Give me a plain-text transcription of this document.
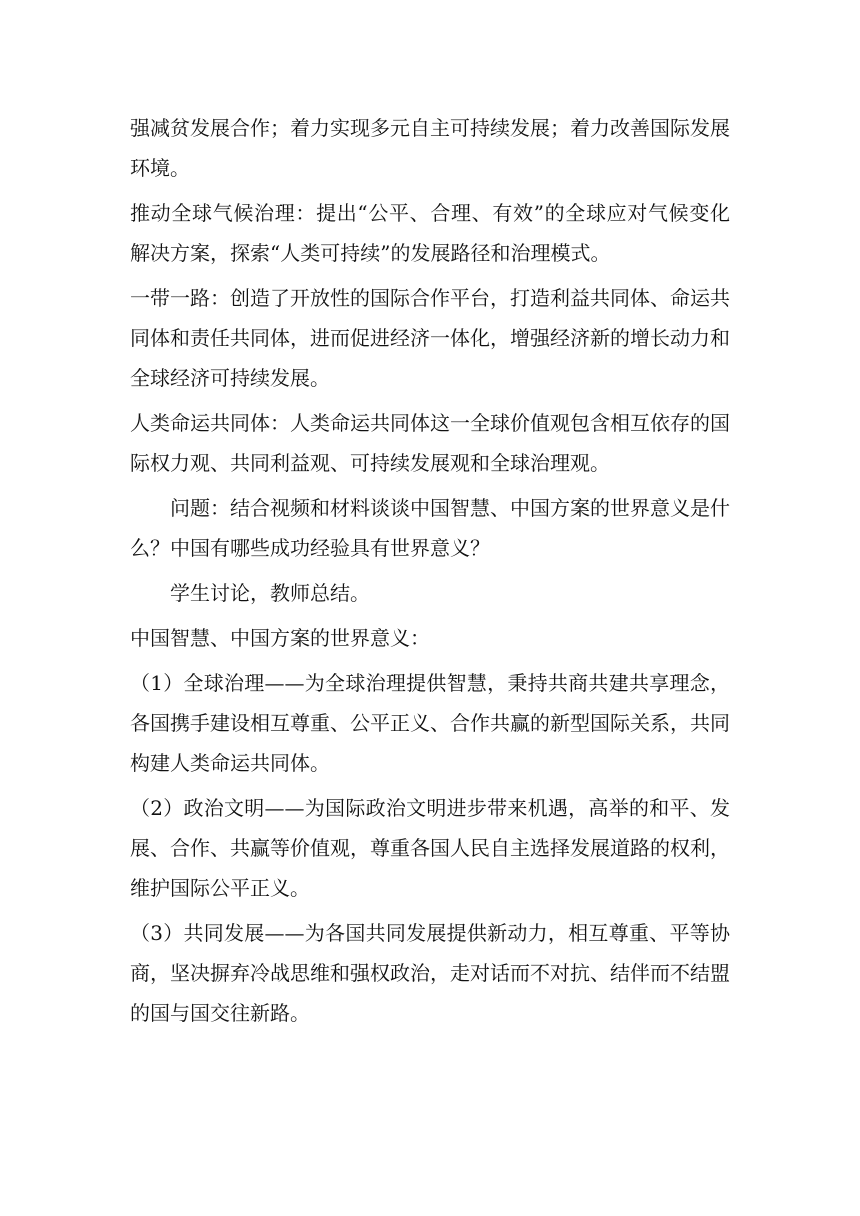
强减贫发展合作；着力实现多元自主可持续发展；着力改善国际发展环境。

推动全球气候治理：提出“公平、合理、有效”的全球应对气候变化解决方案，探索“人类可持续”的发展路径和治理模式。

一带一路：创造了开放性的国际合作平台，打造利益共同体、命运共同体和责任共同体，进而促进经济一体化，增强经济新的增长动力和全球经济可持续发展。

人类命运共同体：人类命运共同体这一全球价值观包含相互依存的国际权力观、共同利益观、可持续发展观和全球治理观。

问题：结合视频和材料谈谈中国智慧、中国方案的世界意义是什么？中国有哪些成功经验具有世界意义？

学生讨论，教师总结。

中国智慧、中国方案的世界意义：

（1）全球治理——为全球治理提供智慧，秉持共商共建共享理念，各国携手建设相互尊重、公平正义、合作共赢的新型国际关系，共同构建人类命运共同体。

（2）政治文明——为国际政治文明进步带来机遇，高举的和平、发展、合作、共赢等价值观，尊重各国人民自主选择发展道路的权利，维护国际公平正义。

（3）共同发展——为各国共同发展提供新动力，相互尊重、平等协商，坚决摒弃冷战思维和强权政治，走对话而不对抗、结伴而不结盟的国与国交往新路。
